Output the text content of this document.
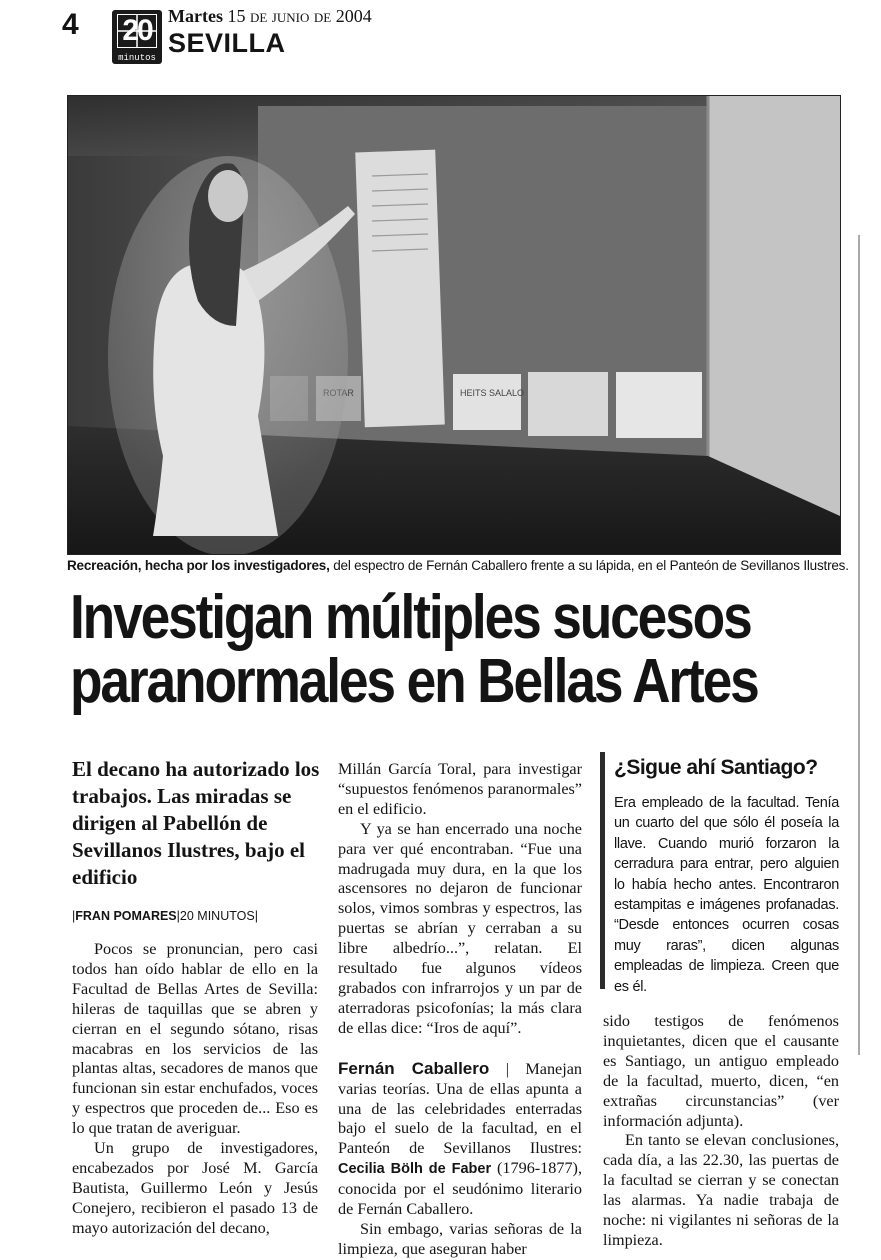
4 20
minutos
Martes 15 de junio de 2004
SEVILLA
ROTAR	HEITS SALALO
Recreación, hecha por los investigadores, del espectro de Fernán Caballero frente a su lápida, en el Panteón de Sevillanos Ilustres.
Investigan múltiples sucesos
paranormales en Bellas Artes
El decano ha autorizado los trabajos. Las miradas se dirigen al Pabellón de Sevillanos Ilustres, bajo el edificio
|FRAN POMARES|20 MINUTOS|

Pocos se pronuncian, pero casi todos han oído hablar de ello en la Facultad de Bellas Artes de Sevilla: hileras de taquillas que se abren y cierran en el segundo sótano, risas macabras en los servicios de las plantas altas, secadores de manos que funcionan sin estar enchufados, voces y espectros que proceden de... Eso es lo que tratan de averiguar.

Un grupo de investigadores, encabezados por José M. García Bautista, Guillermo León y Jesús Conejero, recibieron el pasado 13 de mayo autorización del decano,

Millán García Toral, para investigar “supuestos fenómenos paranormales” en el edificio.

Y ya se han encerrado una noche para ver qué encontraban. “Fue una madrugada muy dura, en la que los ascensores no dejaron de funcionar solos, vimos sombras y espectros, las puertas se abrían y cerraban a su libre albedrío...”, relatan. El resultado fue algunos vídeos grabados con infrarrojos y un par de aterradoras psicofonías; la más clara de ellas dice: “Iros de aquí”.

Fernán Caballero | Manejan varias teorías. Una de ellas apunta a una de las celebridades enterradas bajo el suelo de la facultad, en el Panteón de Sevillanos Ilustres: Cecilia Bölh de Faber (1796-1877), conocida por el seudónimo literario de Fernán Caballero.

Sin embago, varias señoras de la limpieza, que aseguran haber

¿Sigue ahí Santiago?
Era empleado de la facultad. Tenía un cuarto del que sólo él poseía la llave. Cuando murió forzaron la cerradura para entrar, pero alguien lo había hecho antes. Encontraron estampitas e imágenes profanadas. “Desde entonces ocurren cosas muy raras”, dicen algunas empleadas de limpieza. Creen que es él.

sido testigos de fenómenos inquietantes, dicen que el causante es Santiago, un antiguo empleado de la facultad, muerto, dicen, “en extrañas circunstancias” (ver información adjunta).

En tanto se elevan conclusiones, cada día, a las 22.30, las puertas de la facultad se cierran y se conectan las alarmas. Ya nadie trabaja de noche: ni vigilantes ni señoras de la limpieza.
